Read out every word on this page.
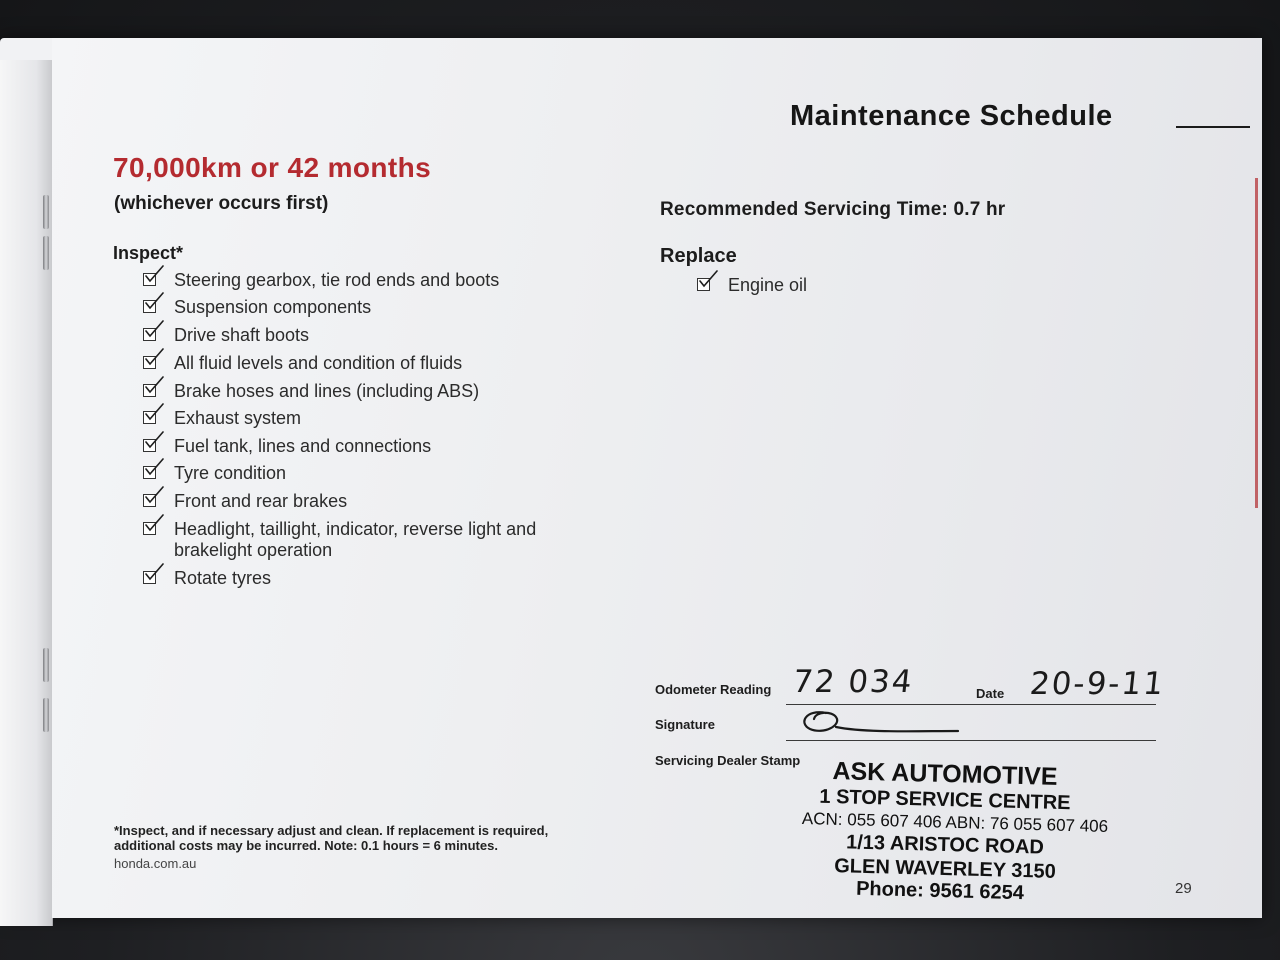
Maintenance Schedule
70,000km or 42 months
(whichever occurs first)
Inspect*
Steering gearbox, tie rod ends and boots
Suspension components
Drive shaft boots
All fluid levels and condition of fluids
Brake hoses and lines (including ABS)
Exhaust system
Fuel tank, lines and connections
Tyre condition
Front and rear brakes
Headlight, taillight, indicator, reverse light and brakelight operation
Rotate tyres
Recommended Servicing Time: 0.7 hr
Replace
Engine oil
Odometer Reading 72 034	Date 20-9-11
Signature
Servicing Dealer Stamp	ASK AUTOMOTIVE
1 STOP SERVICE CENTRE
ACN: 055 607 406 ABN: 76 055 607 406
1/13 ARISTOC ROAD
GLEN WAVERLEY 3150
Phone: 9561 6254
*Inspect, and if necessary adjust and clean. If replacement is required, additional costs may be incurred. Note: 0.1 hours = 6 minutes.
honda.com.au
29
